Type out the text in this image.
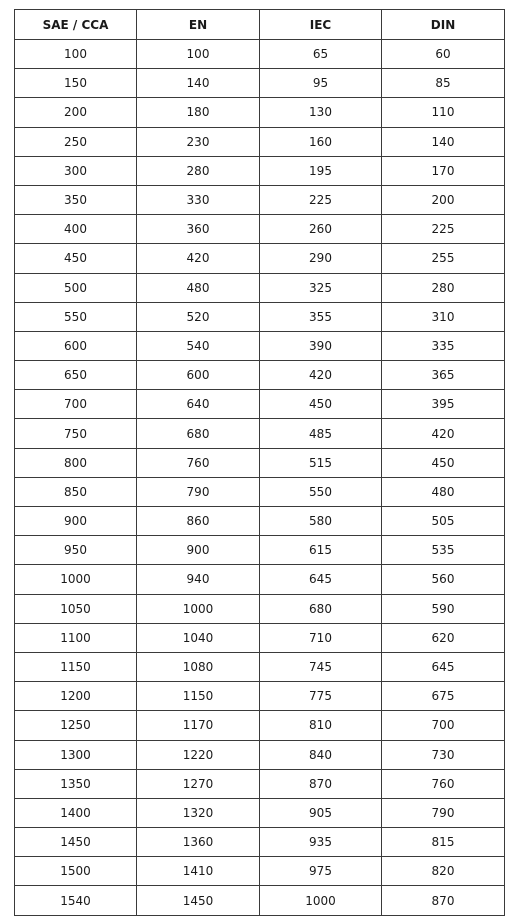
SAE / CCA	EN	IEC	DIN
100	100	65	60
150	140	95	85
200	180	130	110
250	230	160	140
300	280	195	170
350	330	225	200
400	360	260	225
450	420	290	255
500	480	325	280
550	520	355	310
600	540	390	335
650	600	420	365
700	640	450	395
750	680	485	420
800	760	515	450
850	790	550	480
900	860	580	505
950	900	615	535
1000	940	645	560
1050	1000	680	590
1100	1040	710	620
1150	1080	745	645
1200	1150	775	675
1250	1170	810	700
1300	1220	840	730
1350	1270	870	760
1400	1320	905	790
1450	1360	935	815
1500	1410	975	820
1540	1450	1000	870
